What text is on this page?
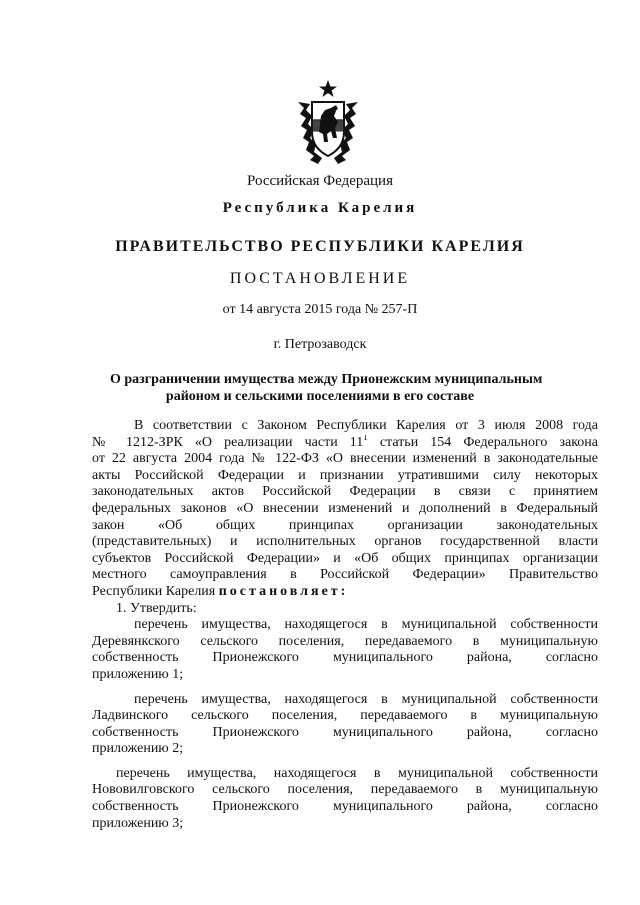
Российская Федерация
Республика Карелия
ПРАВИТЕЛЬСТВО РЕСПУБЛИКИ КАРЕЛИЯ
ПОСТАНОВЛЕНИЕ
от 14 августа 2015 года № 257-П
г. Петрозаводск
О разграничении имущества между Прионежским муниципальным
районом и сельскими поселениями в его составе
В соответствии с Законом Республики Карелия от 3 июля 2008 года
№ 1212-ЗРК «О реализации части $11^1$ статьи 154 Федерального закона
от 22 августа 2004 года № 122-ФЗ «О внесении изменений в законодательные
акты Российской Федерации и признании утратившими силу некоторых
законодательных актов Российской Федерации в связи с принятием
федеральных законов «О внесении изменений и дополнений в Федеральный
закон «Об общих принципах организации законодательных
(представительных) и исполнительных органов государственной власти
субъектов Российской Федерации» и «Об общих принципах организации
местного самоуправления в Российской Федерации» Правительство
Республики Карелия постановляет:
1. Утвердить:
перечень имущества, находящегося в муниципальной собственности
Деревянкского сельского поселения, передаваемого в муниципальную
собственность Прионежского муниципального района, согласно
приложению 1;
перечень имущества, находящегося в муниципальной собственности
Ладвинского сельского поселения, передаваемого в муниципальную
собственность Прионежского муниципального района, согласно
приложению 2;
перечень имущества, находящегося в муниципальной собственности
Нововилговского сельского поселения, передаваемого в муниципальную
собственность Прионежского муниципального района, согласно
приложению 3;
